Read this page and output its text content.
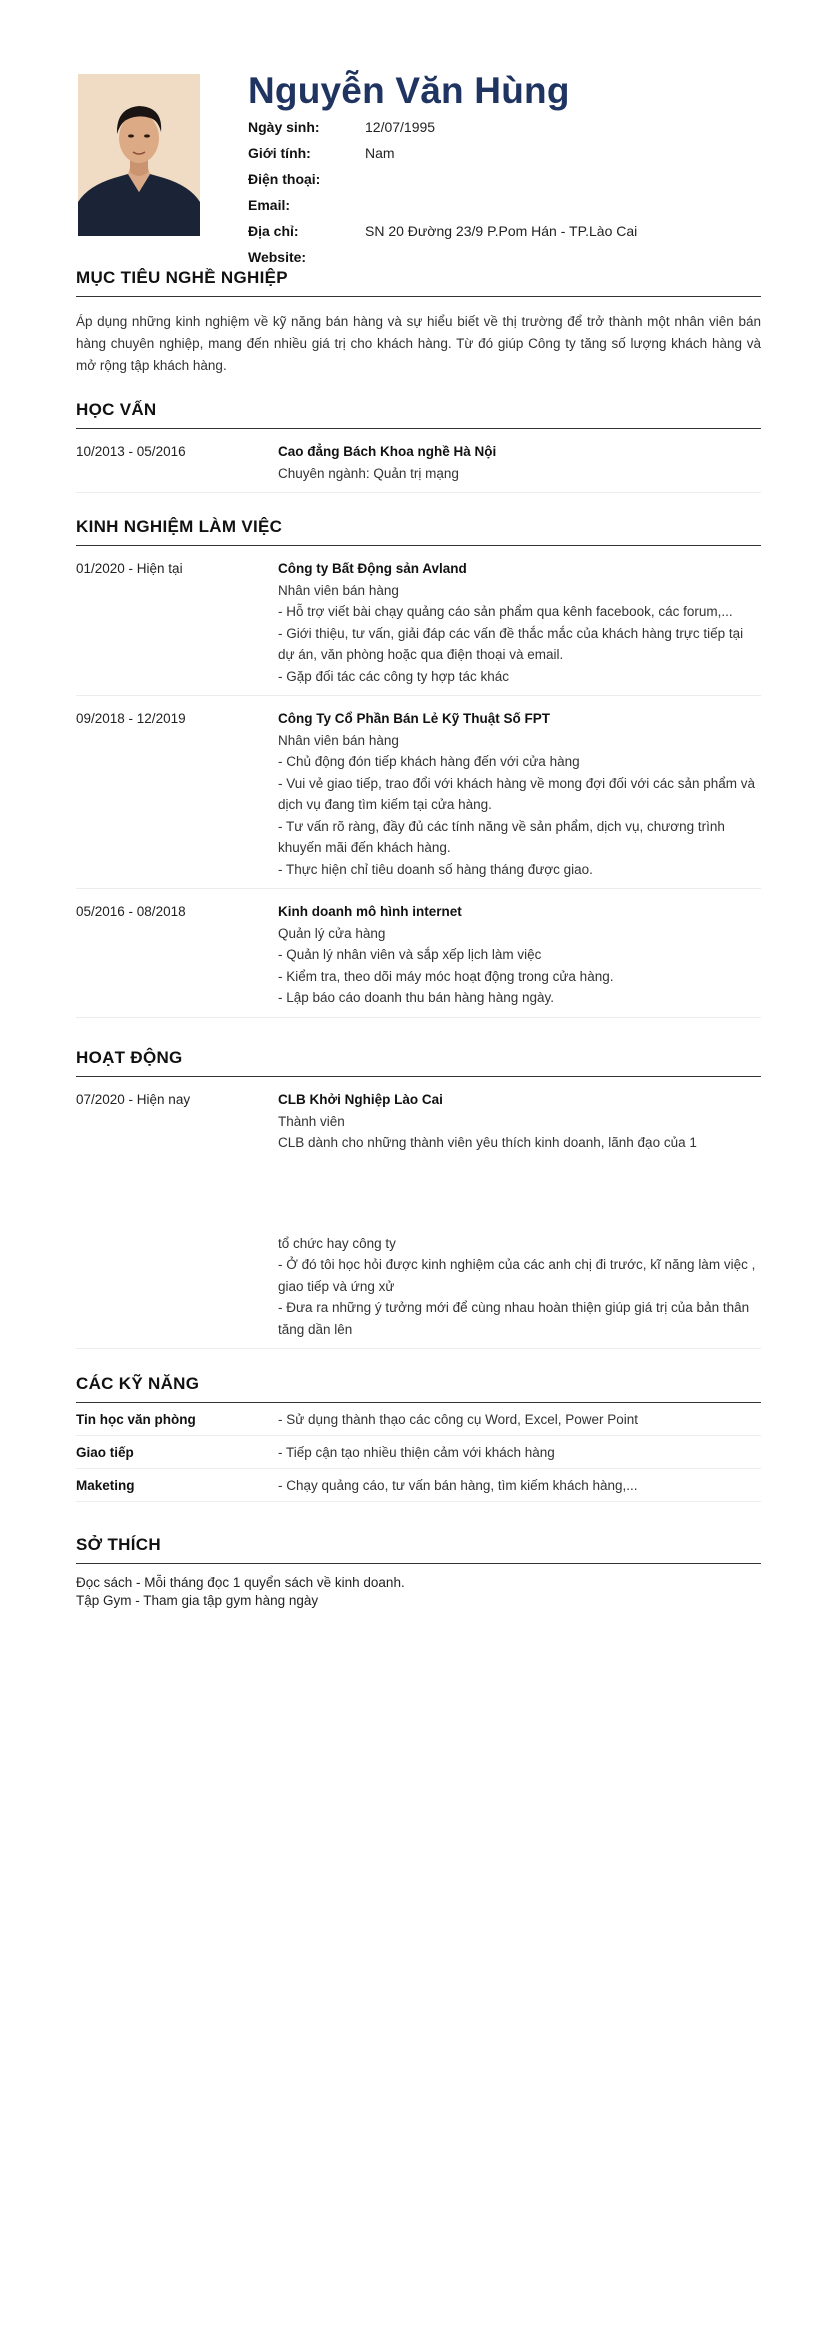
Nguyễn Văn Hùng
Ngày sinh:	12/07/1995
Giới tính:	Nam
Điện thoại:
Email:
Địa chỉ:	SN 20 Đường 23/9 P.Pom Hán - TP.Lào Cai
Website:
MỤC TIÊU NGHỀ NGHIỆP

Áp dụng những kinh nghiệm về kỹ năng bán hàng và sự hiểu biết về thị trường để trở thành một nhân viên bán hàng chuyên nghiệp, mang đến nhiều giá trị cho khách hàng. Từ đó giúp Công ty tăng số lượng khách hàng và mở rộng tập khách hàng.

HỌC VẤN
10/2013 - 05/2016	Cao đẳng Bách Khoa nghề Hà Nội
Chuyên ngành: Quản trị mạng
KINH NGHIỆM LÀM VIỆC
01/2020 - Hiện tại	Công ty Bất Động sản Avland
Nhân viên bán hàng
- Hỗ trợ viết bài chạy quảng cáo sản phẩm qua kênh facebook, các forum,...
- Giới thiệu, tư vấn, giải đáp các vấn đề thắc mắc của khách hàng trực tiếp tại dự án, văn phòng hoặc qua điện thoại và email.
- Gặp đối tác các công ty hợp tác khác
09/2018 - 12/2019	Công Ty Cổ Phần Bán Lẻ Kỹ Thuật Số FPT
Nhân viên bán hàng
- Chủ động đón tiếp khách hàng đến với cửa hàng
- Vui vẻ giao tiếp, trao đổi với khách hàng về mong đợi đối với các sản phẩm và dịch vụ đang tìm kiếm tại cửa hàng.
- Tư vấn rõ ràng, đầy đủ các tính năng về sản phẩm, dịch vụ, chương trình khuyến mãi đến khách hàng.
- Thực hiện chỉ tiêu doanh số hàng tháng được giao.
05/2016 - 08/2018	Kinh doanh mô hình internet
Quản lý cửa hàng
- Quản lý nhân viên và sắp xếp lịch làm việc
- Kiểm tra, theo dõi máy móc hoạt động trong cửa hàng.
- Lập báo cáo doanh thu bán hàng hàng ngày.
HOẠT ĐỘNG
07/2020 - Hiện nay	CLB Khởi Nghiệp Lào Cai
Thành viên
CLB dành cho những thành viên yêu thích kinh doanh, lãnh đạo của 1
tổ chức hay công ty
- Ở đó tôi học hỏi được kinh nghiệm của các anh chị đi trước, kĩ năng làm việc , giao tiếp và ứng xử
- Đưa ra những ý tưởng mới để cùng nhau hoàn thiện giúp giá trị của bản thân tăng dần lên
CÁC KỸ NĂNG
Tin học văn phòng	- Sử dụng thành thạo các công cụ Word, Excel, Power Point
Giao tiếp	- Tiếp cận tạo nhiều thiện cảm với khách hàng
Maketing	- Chạy quảng cáo, tư vấn bán hàng, tìm kiếm khách hàng,...
SỞ THÍCH
Đọc sách - Mỗi tháng đọc 1 quyển sách về kinh doanh.
Tập Gym - Tham gia tập gym hàng ngày
